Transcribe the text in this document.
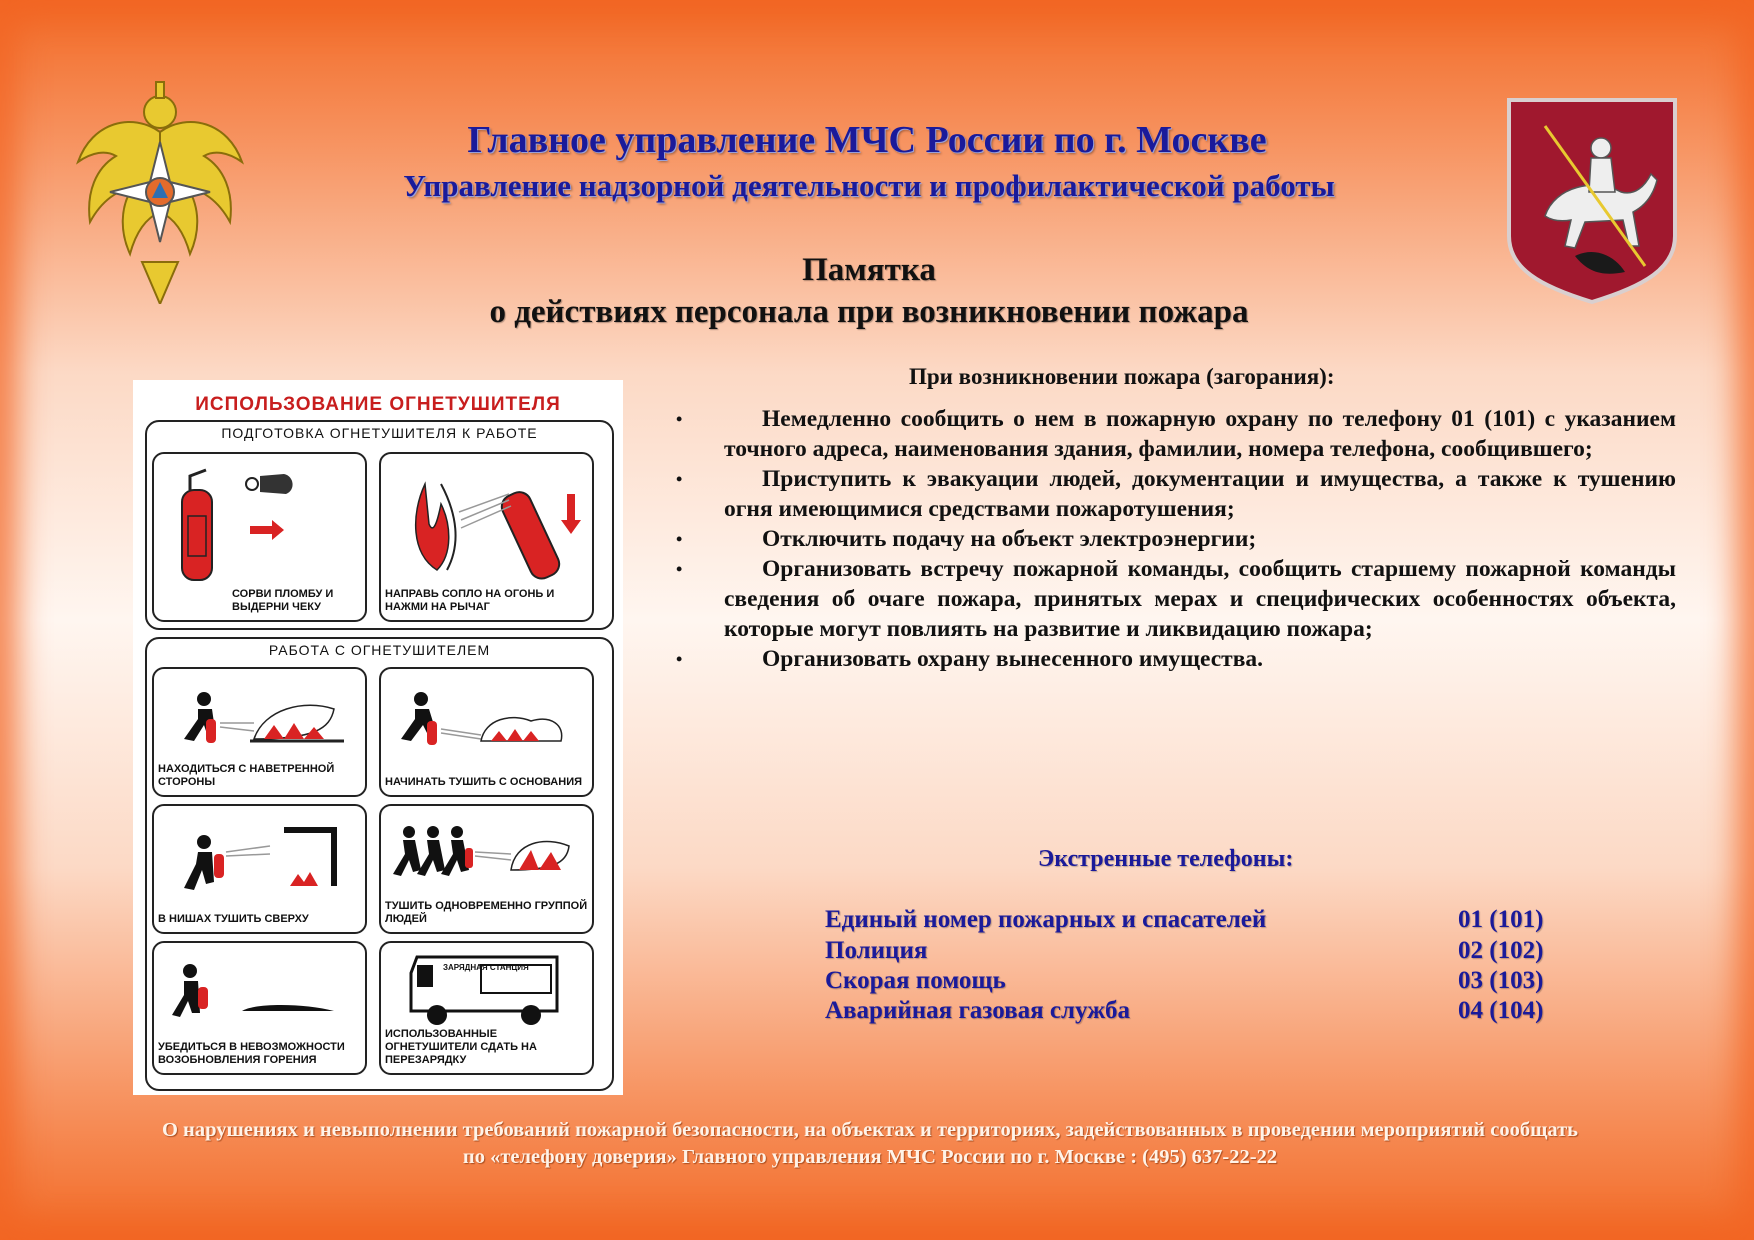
Главное управление МЧС России по г. Москве
Управление надзорной деятельности и профилактической работы
Памятка
о действиях персонала при возникновении пожара
ИСПОЛЬЗОВАНИЕ ОГНЕТУШИТЕЛЯ
ПОДГОТОВКА ОГНЕТУШИТЕЛЯ К РАБОТЕ
РАБОТА С ОГНЕТУШИТЕЛЕМ
СОРВИ ПЛОМБУ И ВЫДЕРНИ ЧЕКУ
НАПРАВЬ СОПЛО НА ОГОНЬ И НАЖМИ НА РЫЧАГ
НАХОДИТЬСЯ С НАВЕТРЕННОЙ СТОРОНЫ	НАЧИНАТЬ ТУШИТЬ С ОСНОВАНИЯ
В НИШАХ ТУШИТЬ СВЕРХУ
ТУШИТЬ ОДНОВРЕМЕННО ГРУППОЙ ЛЮДЕЙ
УБЕДИТЬСЯ В НЕВОЗМОЖНОСТИ ВОЗОБНОВЛЕНИЯ ГОРЕНИЯ
ЗАРЯДНАЯ СТАНЦИЯ
ИСПОЛЬЗОВАННЫЕ ОГНЕТУШИТЕЛИ СДАТЬ НА ПЕРЕЗАРЯДКУ
При возникновении пожара (загорания):
• Немедленно сообщить о нем в пожарную охрану по телефону 01 (101) с указанием точного адреса, наименования здания, фамилии, номера телефона, сообщившего;
• Приступить к эвакуации людей, документации и имущества, а также к тушению огня имеющимися средствами пожаротушения;
• Отключить подачу на объект электроэнергии;
• Организовать встречу пожарной команды, сообщить старшему пожарной команды сведения об очаге пожара, принятых мерах и специфических особенностях объекта, которые могут повлиять на развитие и ликвидацию пожара;
• Организовать охрану вынесенного имущества.
Экстренные телефоны:
Единый номер пожарных и спасателей	01 (101)
Полиция	02 (102)
Скорая помощь	03 (103)
Аварийная газовая служба	04 (104)
О нарушениях и невыполнении требований пожарной безопасности, на объектах и территориях, задействованных в проведении мероприятий сообщать по «телефону доверия» Главного управления МЧС России по г. Москве : (495) 637-22-22
